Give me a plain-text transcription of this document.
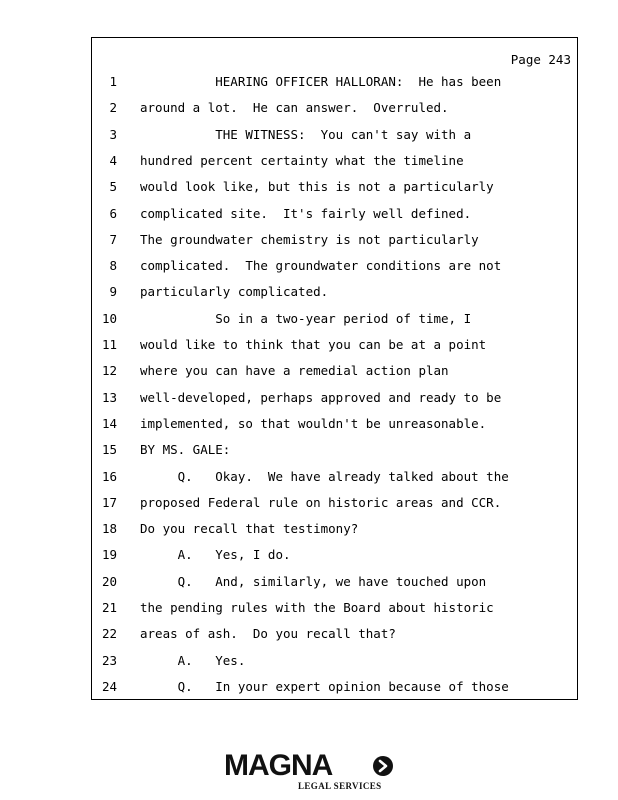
Page 243
1 HEARING OFFICER HALLORAN:  He has been
2 around a lot.  He can answer.  Overruled.
3 THE WITNESS:  You can't say with a
4 hundred percent certainty what the timeline
5 would look like, but this is not a particularly
6 complicated site.  It's fairly well defined.
7 The groundwater chemistry is not particularly
8 complicated.  The groundwater conditions are not
9 particularly complicated.
10 So in a two-year period of time, I
11 would like to think that you can be at a point
12 where you can have a remedial action plan
13 well-developed, perhaps approved and ready to be
14 implemented, so that wouldn't be unreasonable.
15 BY MS. GALE:
16 Q.   Okay.  We have already talked about the
17 proposed Federal rule on historic areas and CCR.
18 Do you recall that testimony?
19 A.   Yes, I do.
20 Q.   And, similarly, we have touched upon
21 the pending rules with the Board about historic
22 areas of ash.  Do you recall that?
23 A.   Yes.
24 Q.   In your expert opinion because of those
MAGNA
LEGAL SERVICES
